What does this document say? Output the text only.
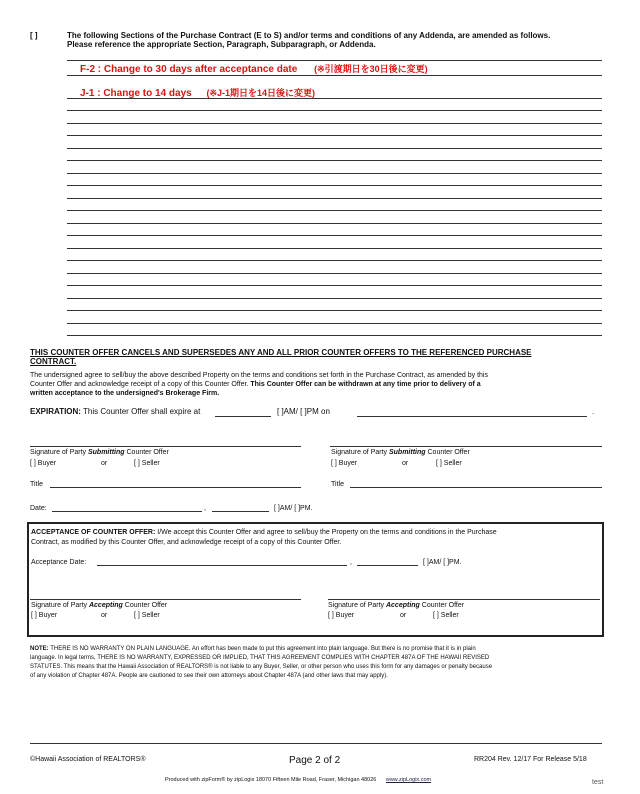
[ ]	The following Sections of the Purchase Contract (E to S) and/or terms and conditions of any Addenda, are amended as follows.
Please reference the appropriate Section, Paragraph, Subparagraph, or Addenda.
F-2 : Change to 30 days after acceptance date (※引渡期日を30日後に変更)
J-1 : Change to 14 days (※J-1期日を14日後に変更)
THIS COUNTER OFFER CANCELS AND SUPERSEDES ANY AND ALL PRIOR COUNTER OFFERS TO THE REFERENCED PURCHASE
CONTRACT.
The undersigned agree to sell/buy the above described Property on the terms and conditions set forth in the Purchase Contract, as amended by this
Counter Offer and acknowledge receipt of a copy of this Counter Offer. This Counter Offer can be withdrawn at any time prior to delivery of a
written acceptance to the undersigned's Brokerage Firm.
EXPIRATION: This Counter Offer shall expire at	[ ]AM/ [ ]PM on	.
Signature of Party Submitting Counter Offer	Signature of Party Submitting Counter Offer
[ ] Buyer	or	[ ] Seller	[ ] Buyer	or	[ ] Seller
Title	Title
Date:	,	[ ]AM/ [ ]PM.
ACCEPTANCE OF COUNTER OFFER: I/We accept this Counter Offer and agree to sell/buy the Property on the terms and conditions in the Purchase
Contract, as modified by this Counter Offer, and acknowledge receipt of a copy of this Counter Offer.
Acceptance Date:	,	[ ]AM/ [ ]PM.
Signature of Party Accepting Counter Offer	Signature of Party Accepting Counter Offer
[ ] Buyer	or	[ ] Seller	[ ] Buyer	or	[ ] Seller
NOTE: THERE IS NO WARRANTY ON PLAIN LANGUAGE. An effort has been made to put this agreement into plain language. But there is no promise that it is in plain
language. In legal terms, THERE IS NO WARRANTY, EXPRESSED OR IMPLIED, THAT THIS AGREEMENT COMPLIES WITH CHAPTER 487A OF THE HAWAII REVISED
STATUTES. This means that the Hawaii Association of REALTORS® is not liable to any Buyer, Seller, or other person who uses this form for any damages or penalty because
of any violation of Chapter 487A. People are cautioned to see their own attorneys about Chapter 487A (and other laws that may apply).
©Hawaii Association of REALTORS®	Page 2 of 2	RR204 Rev. 12/17 For Release 5/18
Produced with zipForm® by zipLogix 18070 Fifteen Mile Road, Fraser, Michigan 48026 www.zipLogix.com	test
